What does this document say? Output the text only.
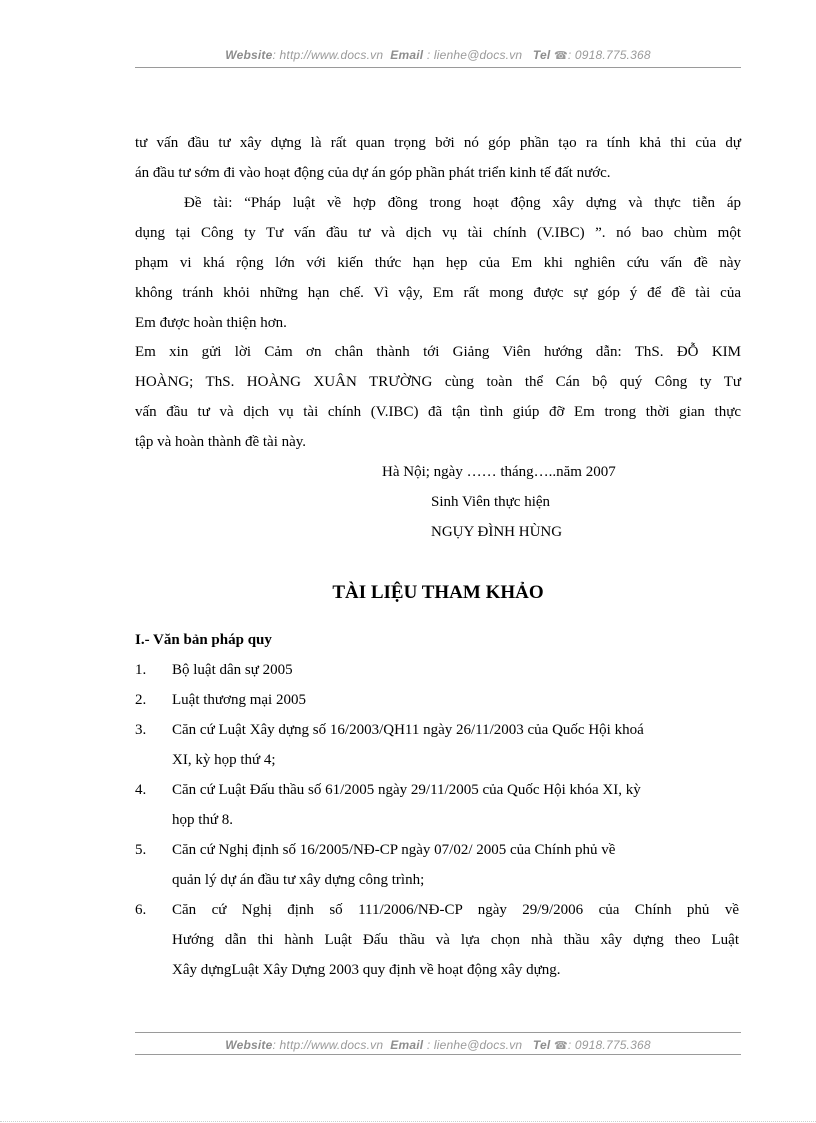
Website: http://www.docs.vn Email : lienhe@docs.vn Tel ☎: 0918.775.368
tư vấn đầu tư xây dựng là rất quan trọng bởi nó góp phần tạo ra tính khả thi của dự
án đầu tư sớm đi vào hoạt động của dự án góp phần phát triển kinh tế đất nước.
Đề tài: “Pháp luật về hợp đồng trong hoạt động xây dựng và thực tiễn áp
dụng tại Công ty Tư vấn đầu tư và dịch vụ tài chính (V.IBC) ”. nó bao chùm một
phạm vi khá rộng lớn với kiến thức hạn hẹp của Em khi nghiên cứu vấn đề này
không tránh khỏi những hạn chế. Vì vậy, Em rất mong được sự góp ý để đề tài của
Em được hoàn thiện hơn.
Em xin gửi lời Cảm ơn chân thành tới Giảng Viên hướng dẫn: ThS. ĐỖ KIM
HOÀNG; ThS. HOÀNG XUÂN TRƯỜNG cùng toàn thể Cán bộ quý Công ty Tư
vấn đầu tư và dịch vụ tài chính (V.IBC) đã tận tình giúp đỡ Em trong thời gian thực
tập và hoàn thành đề tài này.
Hà Nội; ngày …… tháng…..năm 2007
Sinh Viên thực hiện
NGỤY ĐÌNH HÙNG
TÀI LIỆU THAM KHẢO
I.- Văn bản pháp quy
1. Bộ luật dân sự 2005
2. Luật thương mại 2005
3. Căn cứ Luật Xây dựng số 16/2003/QH11 ngày 26/11/2003 của Quốc Hội khoá
XI, kỳ họp thứ 4;
4. Căn cứ Luật Đấu thầu số 61/2005 ngày 29/11/2005 của Quốc Hội khóa XI, kỳ
họp thứ 8.
5. Căn cứ Nghị định số 16/2005/NĐ-CP ngày 07/02/ 2005 của Chính phủ về
quản lý dự án đầu tư xây dựng công trình;
6. Căn cứ Nghị định số 111/2006/NĐ-CP ngày 29/9/2006 của Chính phủ về
Hướng dẫn thi hành Luật Đấu thầu và lựa chọn nhà thầu xây dựng theo Luật
Xây dựngLuật Xây Dựng 2003 quy định về hoạt động xây dựng.
Website: http://www.docs.vn Email : lienhe@docs.vn Tel ☎: 0918.775.368
